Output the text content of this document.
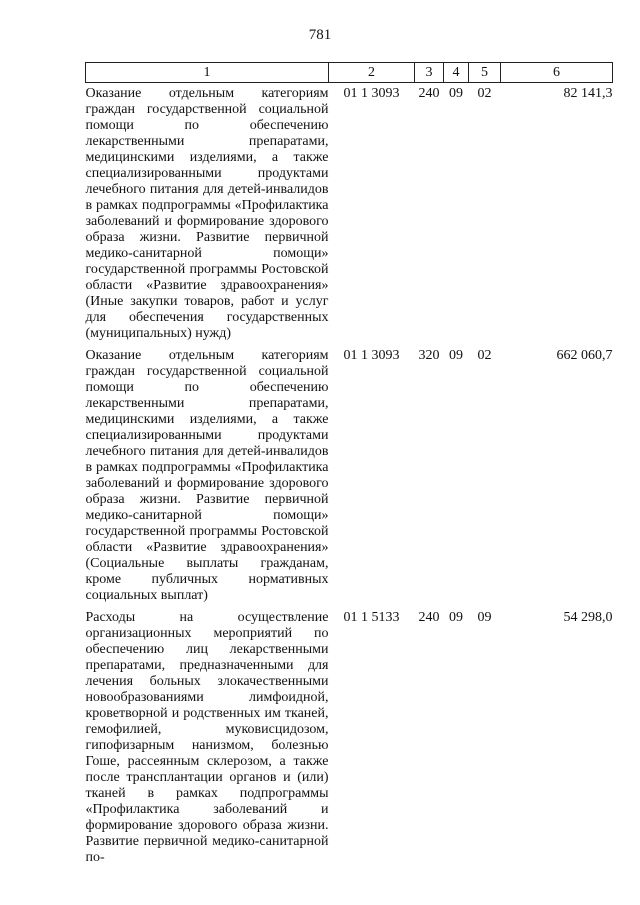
781
1	2	3	4	5	6
Оказание отдельным категориям граждан государственной социальной помощи по обеспечению лекарственными препаратами, медицинскими изделиями, а также специализированными продуктами лечебного питания для детей-инвалидов в рамках подпрограммы «Профилактика заболеваний и формирование здорового образа жизни. Развитие первичной медико-санитарной помощи» государственной программы Ростовской области «Развитие здравоохранения» (Иные закупки товаров, работ и услуг для обеспечения государственных (муниципальных) нужд)	01 1 3093	240	09	02	82 141,3
Оказание отдельным категориям граждан государственной социальной помощи по обеспечению лекарственными препаратами, медицинскими изделиями, а также специализированными продуктами лечебного питания для детей-инвалидов в рамках подпрограммы «Профилактика заболеваний и формирование здорового образа жизни. Развитие первичной медико-санитарной помощи» государственной программы Ростовской области «Развитие здравоохранения» (Социальные выплаты гражданам, кроме публичных нормативных социальных выплат)	01 1 3093	320	09	02	662 060,7
Расходы на осуществление организационных мероприятий по обеспечению лиц лекарственными препаратами, предназначенными для лечения больных злокачественными новообразованиями лимфоидной, кроветворной и родственных им тканей, гемофилией, муковисцидозом, гипофизарным нанизмом, болезнью Гоше, рассеянным склерозом, а также после трансплантации органов и (или) тканей в рамках подпрограммы «Профилактика заболеваний и формирование здорового образа жизни. Развитие первичной медико-санитарной по-	01 1 5133	240	09	09	54 298,0
